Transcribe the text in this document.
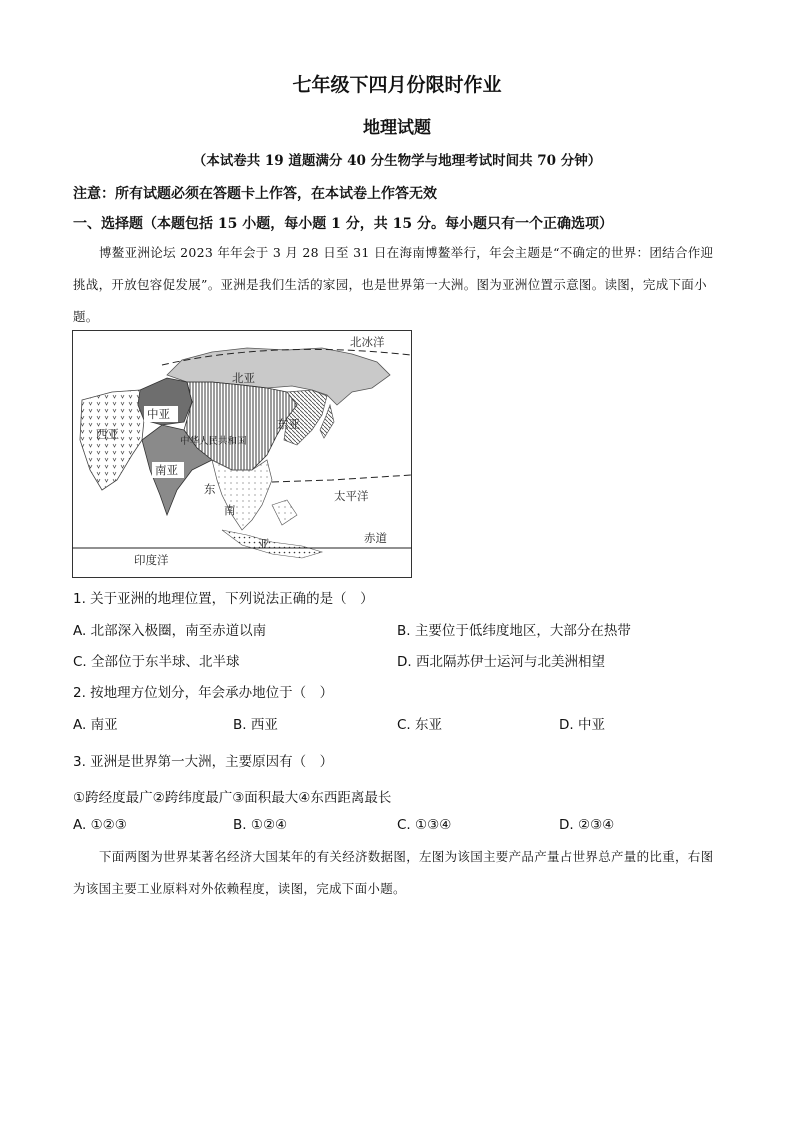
七年级下四月份限时作业
地理试题
（本试卷共 19 道题满分 40 分生物学与地理考试时间共 70 分钟）
注意：所有试题必须在答题卡上作答，在本试卷上作答无效
一、选择题（本题包括 15 小题，每小题 1 分，共 15 分。每小题只有一个正确选项）
博鳌亚洲论坛 2023 年年会于 3 月 28 日至 31 日在海南博鳌举行，年会主题是“不确定的世界：团结合作迎挑战，开放包容促发展”。亚洲是我们生活的家园，也是世界第一大洲。图为亚洲位置示意图。读图，完成下面小题。
北冰洋
北亚
中亚
西亚
中华人民共和国
东亚
南亚
东
南
亚
太平洋
赤道
印度洋
1. 关于亚洲的地理位置，下列说法正确的是（　）
A. 北部深入极圈，南至赤道以南	B. 主要位于低纬度地区，大部分在热带
C. 全部位于东半球、北半球	D. 西北隔苏伊士运河与北美洲相望
2. 按地理方位划分，年会承办地位于（　）
A. 南亚	B. 西亚	C. 东亚	D. 中亚
3. 亚洲是世界第一大洲，主要原因有（　）
①跨经度最广②跨纬度最广③面积最大④东西距离最长
A. ①②③	B. ①②④	C. ①③④	D. ②③④
下面两图为世界某著名经济大国某年的有关经济数据图，左图为该国主要产品产量占世界总产量的比重，右图为该国主要工业原料对外依赖程度，读图，完成下面小题。
